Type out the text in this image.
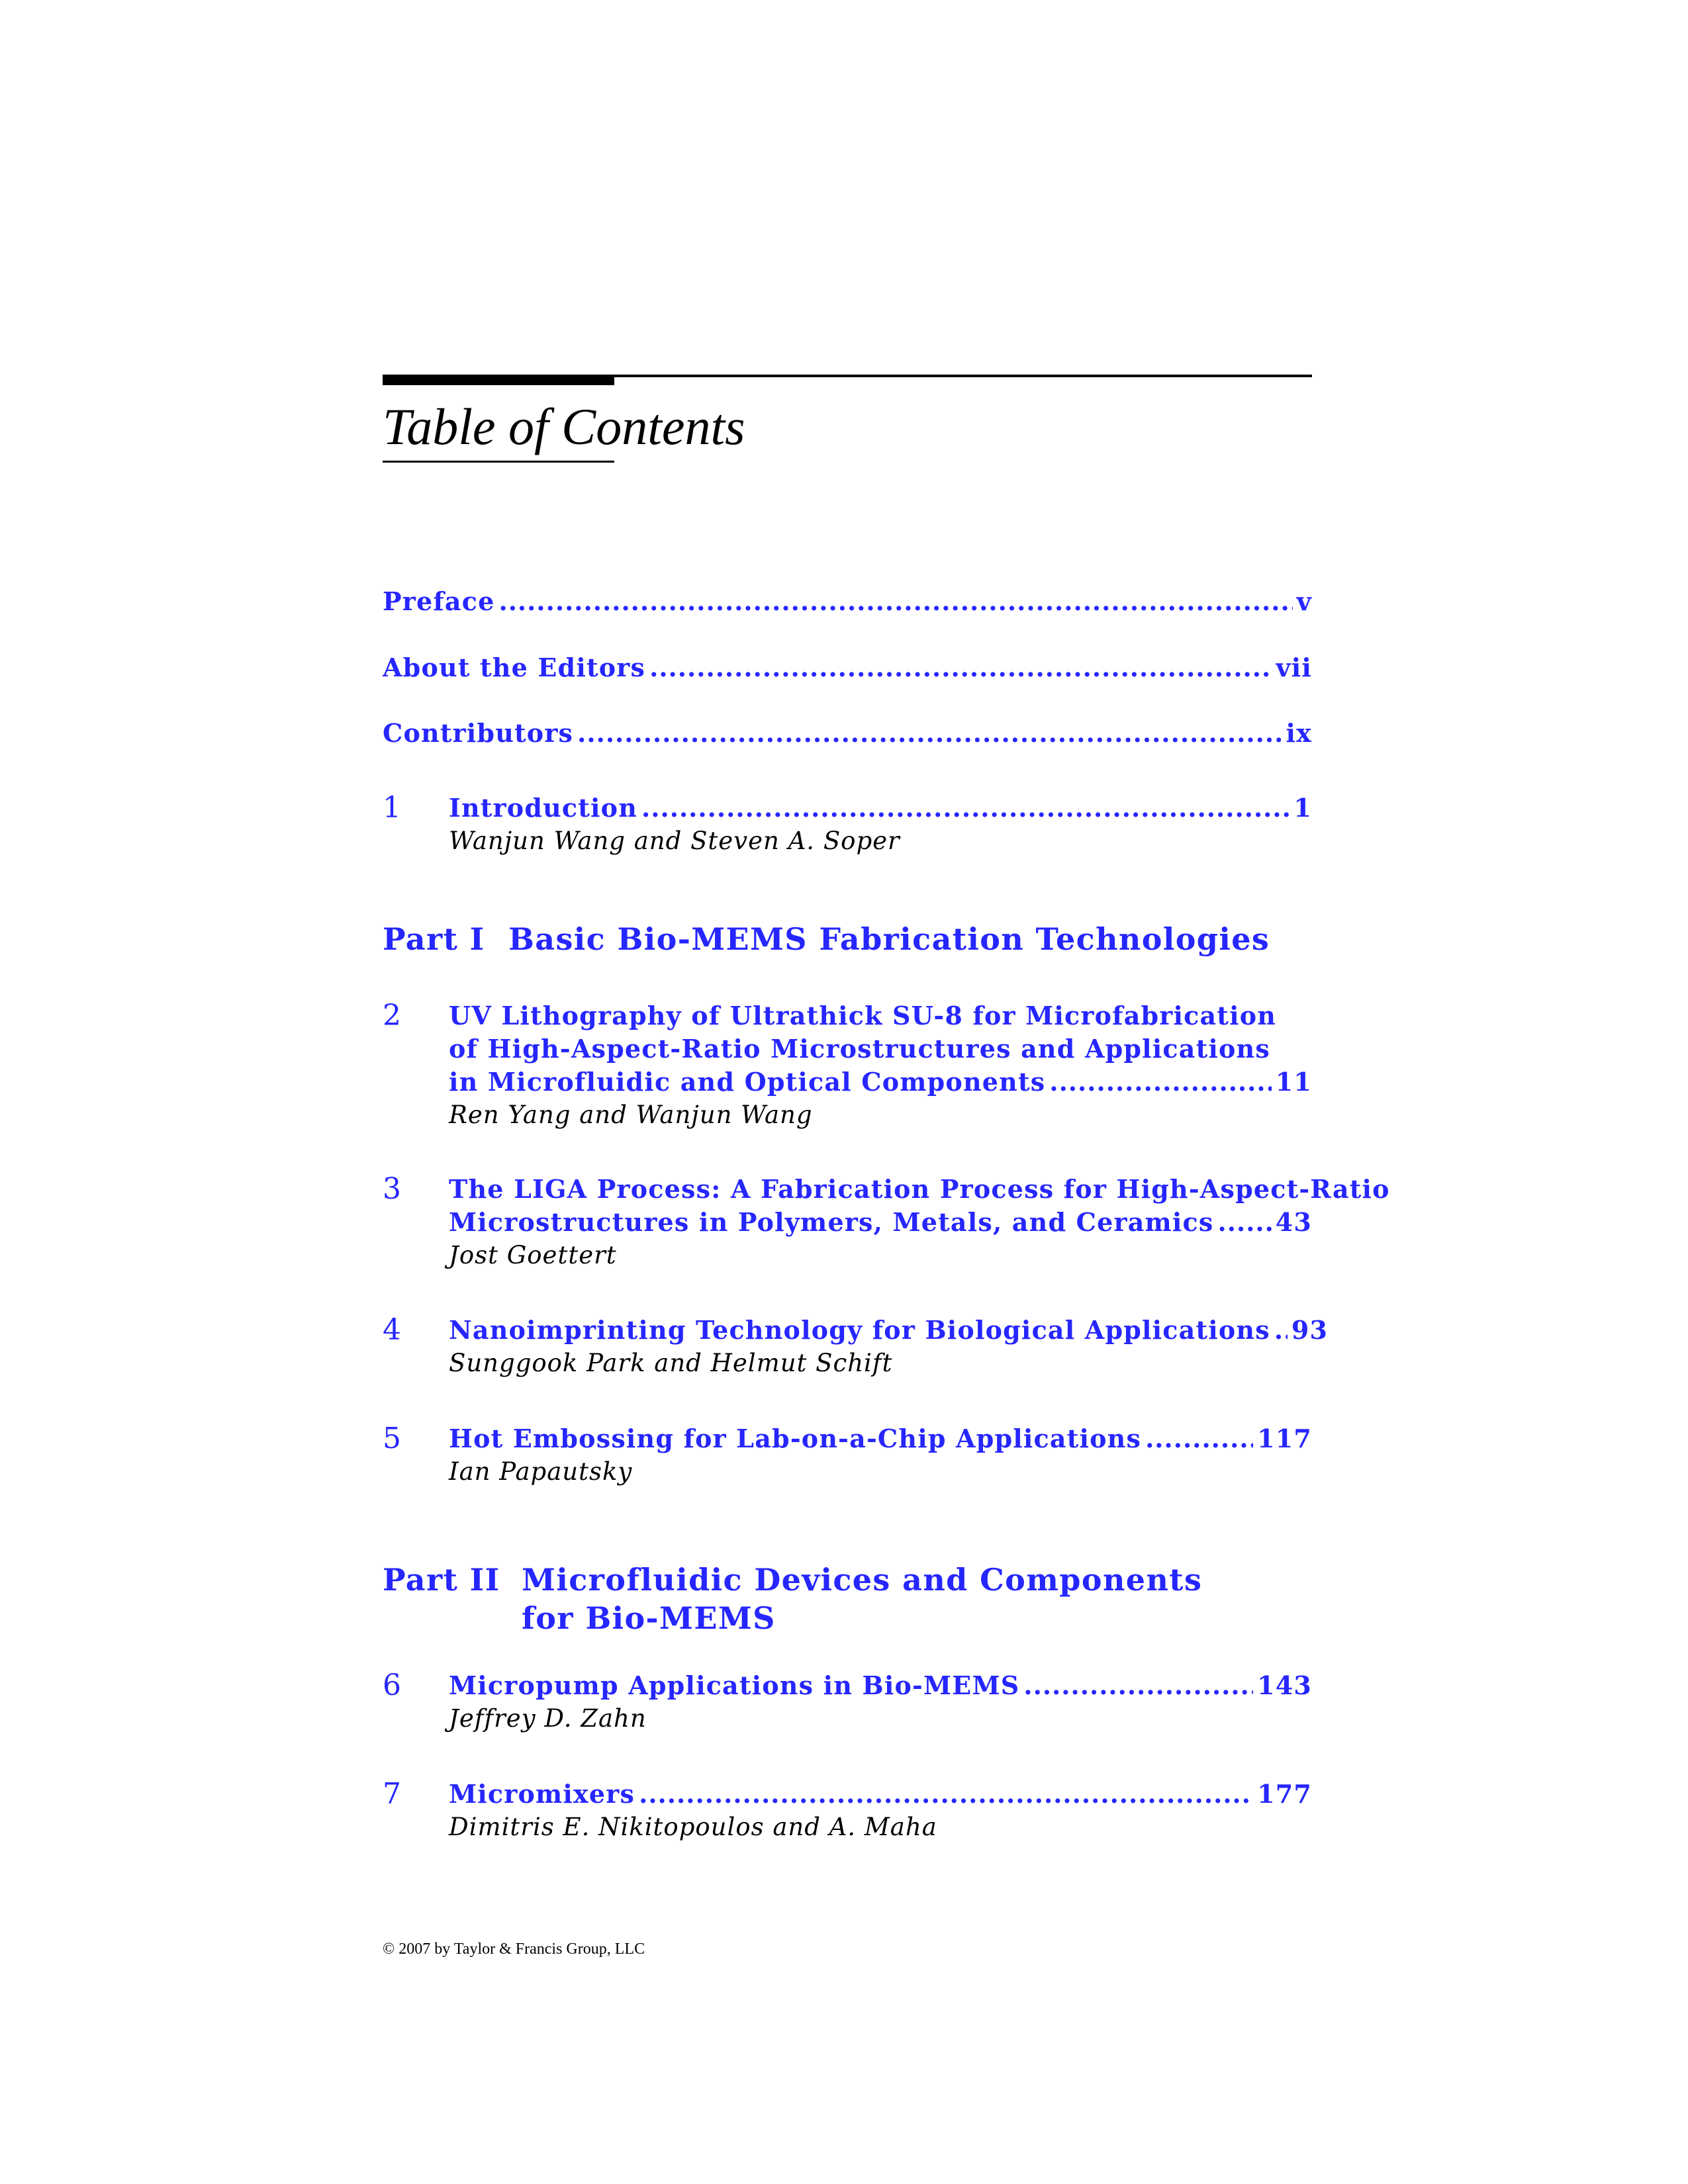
Table of Contents
Preface .....	v
About the Editors .....	vii
Contributors .....	ix
1 Introduction .....	1
Wanjun Wang and Steven A. Soper
Part I Basic Bio-MEMS Fabrication Technologies
2 UV Lithography of Ultrathick SU-8 for Microfabrication
of High-Aspect-Ratio Microstructures and Applications
in Microfluidic and Optical Components .....	11
Ren Yang and Wanjun Wang
3 The LIGA Process: A Fabrication Process for High-Aspect-Ratio
Microstructures in Polymers, Metals, and Ceramics ..... 43
Jost Goettert
4 Nanoimprinting Technology for Biological Applications ..... 93
Sunggook Park and Helmut Schift
5 Hot Embossing for Lab-on-a-Chip Applications .....	117
Ian Papautsky
Part II Microfluidic Devices and Components
for Bio-MEMS
6 Micropump Applications in Bio-MEMS .....	143
Jeffrey D. Zahn
7 Micromixers .....	177
Dimitris E. Nikitopoulos and A. Maha
© 2007 by Taylor & Francis Group, LLC
